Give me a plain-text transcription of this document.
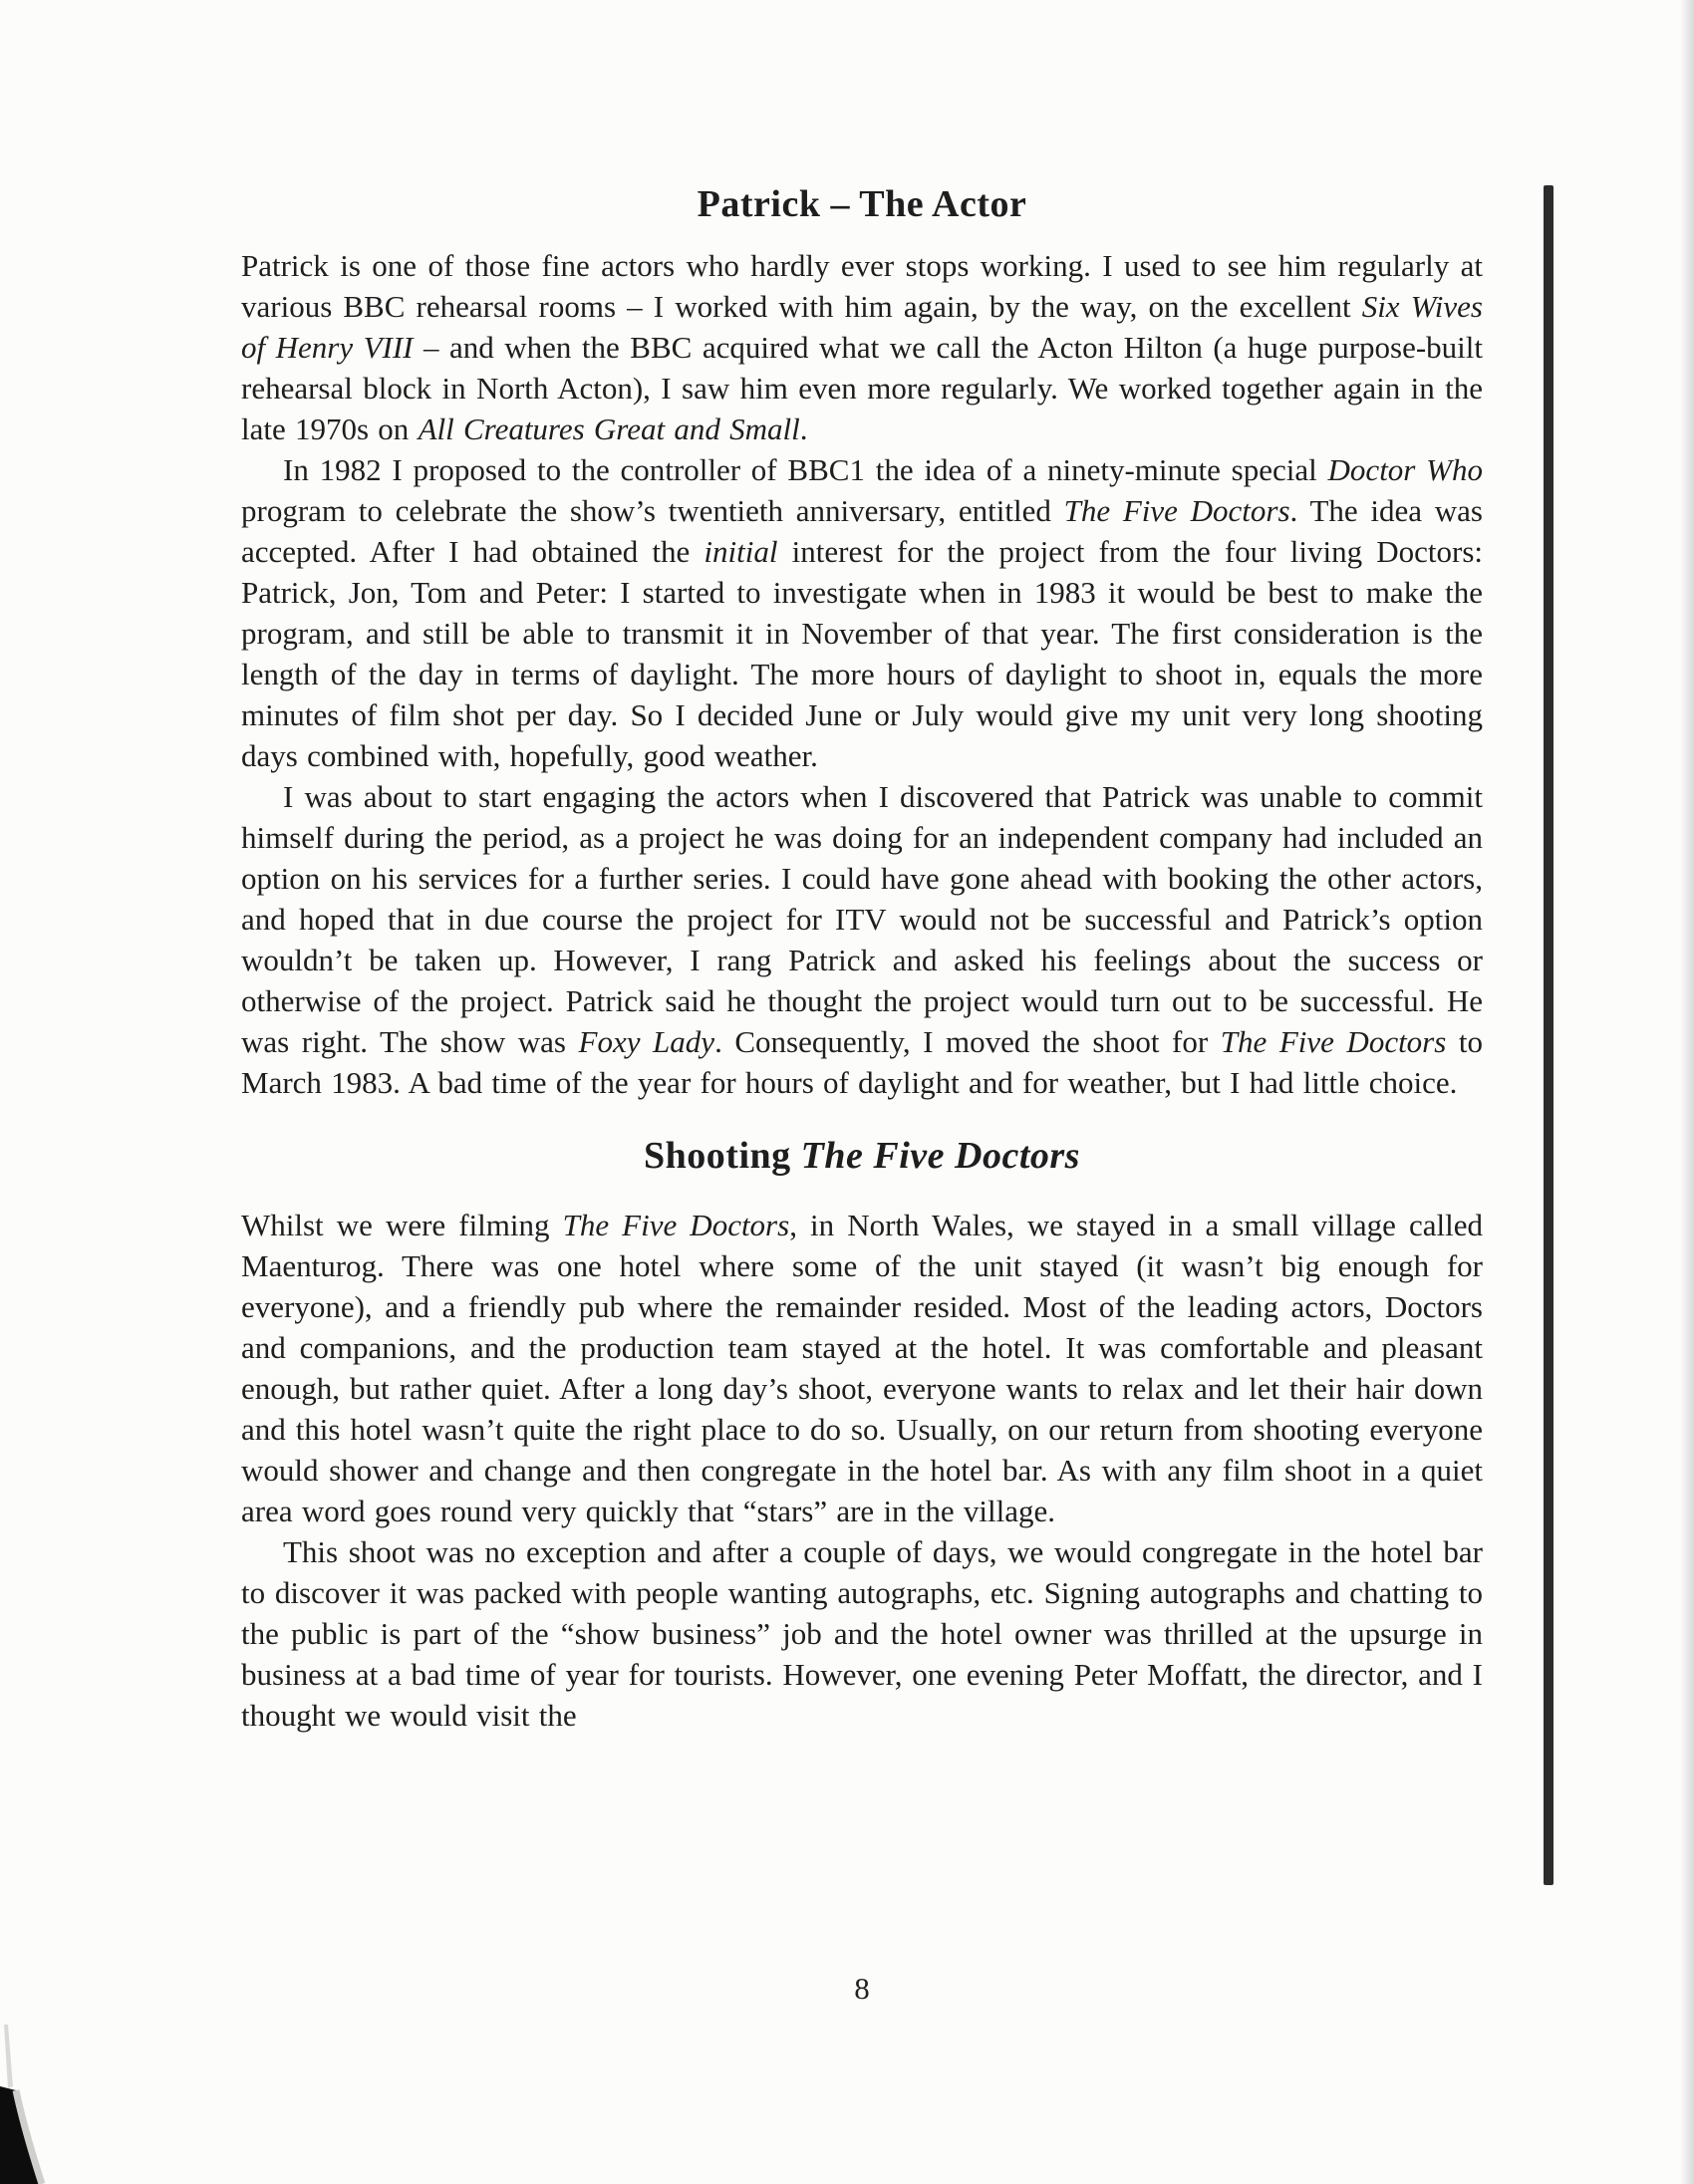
Patrick – The Actor

Patrick is one of those fine actors who hardly ever stops working. I used to see him regularly at various BBC rehearsal rooms – I worked with him again, by the way, on the excellent Six Wives of Henry VIII – and when the BBC acquired what we call the Acton Hilton (a huge purpose-built rehearsal block in North Acton), I saw him even more regularly. We worked together again in the late 1970s on All Creatures Great and Small.

In 1982 I proposed to the controller of BBC1 the idea of a ninety-minute special Doctor Who program to celebrate the show’s twentieth anniversary, entitled The Five Doctors. The idea was accepted. After I had obtained the initial interest for the project from the four living Doctors: Patrick, Jon, Tom and Peter: I started to investigate when in 1983 it would be best to make the program, and still be able to transmit it in November of that year. The first consideration is the length of the day in terms of daylight. The more hours of daylight to shoot in, equals the more minutes of film shot per day. So I decided June or July would give my unit very long shooting days combined with, hopefully, good weather.

I was about to start engaging the actors when I discovered that Patrick was unable to commit himself during the period, as a project he was doing for an independent company had included an option on his services for a further series. I could have gone ahead with booking the other actors, and hoped that in due course the project for ITV would not be successful and Patrick’s option wouldn’t be taken up. However, I rang Patrick and asked his feelings about the success or otherwise of the project. Patrick said he thought the project would turn out to be successful. He was right. The show was Foxy Lady. Consequently, I moved the shoot for The Five Doctors to March 1983. A bad time of the year for hours of daylight and for weather, but I had little choice.

Shooting The Five Doctors

Whilst we were filming The Five Doctors, in North Wales, we stayed in a small village called Maenturog. There was one hotel where some of the unit stayed (it wasn’t big enough for everyone), and a friendly pub where the remainder resided. Most of the leading actors, Doctors and companions, and the production team stayed at the hotel. It was comfortable and pleasant enough, but rather quiet. After a long day’s shoot, everyone wants to relax and let their hair down and this hotel wasn’t quite the right place to do so. Usually, on our return from shooting everyone would shower and change and then congregate in the hotel bar. As with any film shoot in a quiet area word goes round very quickly that “stars” are in the village.

This shoot was no exception and after a couple of days, we would congregate in the hotel bar to discover it was packed with people wanting autographs, etc. Signing autographs and chatting to the public is part of the “show business” job and the hotel owner was thrilled at the upsurge in business at a bad time of year for tourists. However, one evening Peter Moffatt, the director, and I thought we would visit the

8
